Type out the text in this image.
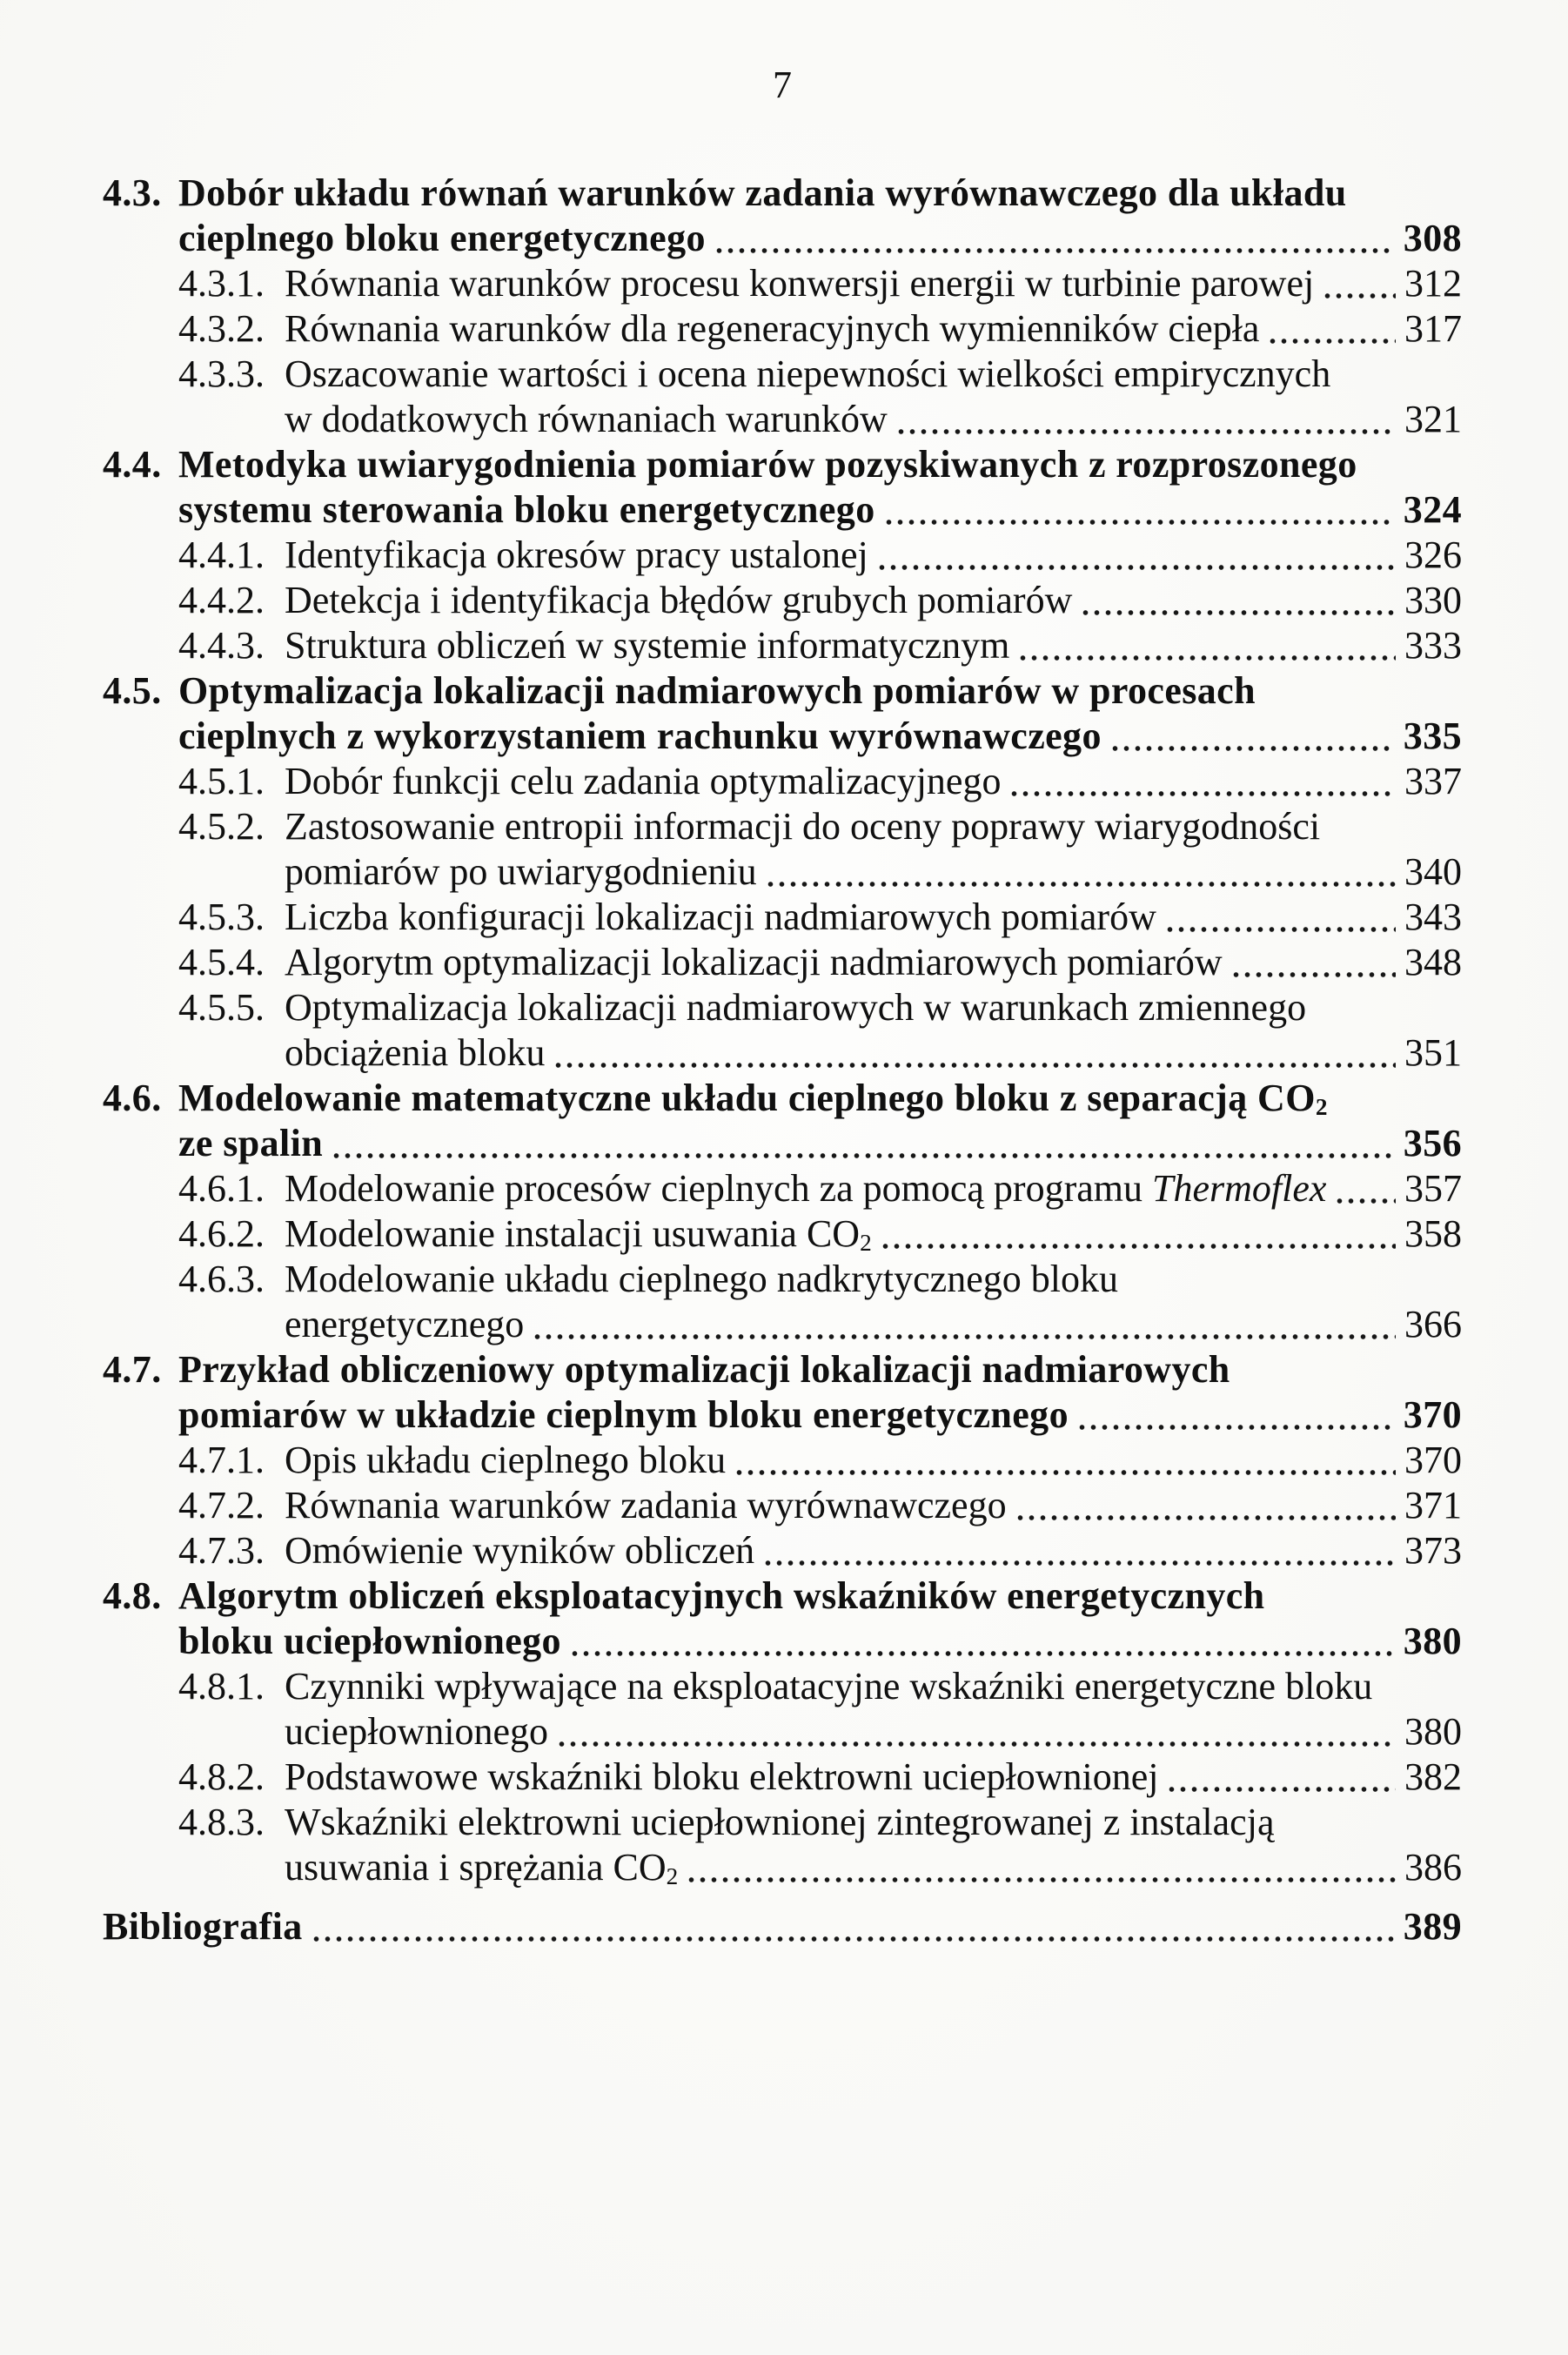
7
4.3. Dobór układu równań warunków zadania wyrównawczego dla układu
cieplnego bloku energetycznego	308
4.3.1. Równania warunków procesu konwersji energii w turbinie parowej 312
4.3.2. Równania warunków dla regeneracyjnych wymienników ciepła	317
4.3.3. Oszacowanie wartości i ocena niepewności wielkości empirycznych
w dodatkowych równaniach warunków	321
4.4. Metodyka uwiarygodnienia pomiarów pozyskiwanych z rozproszonego
systemu sterowania bloku energetycznego	324
4.4.1. Identyfikacja okresów pracy ustalonej	326
4.4.2. Detekcja i identyfikacja błędów grubych pomiarów	330
4.4.3. Struktura obliczeń w systemie informatycznym	333
4.5. Optymalizacja lokalizacji nadmiarowych pomiarów w procesach
cieplnych z wykorzystaniem rachunku wyrównawczego	335
4.5.1. Dobór funkcji celu zadania optymalizacyjnego	337
4.5.2. Zastosowanie entropii informacji do oceny poprawy wiarygodności
pomiarów po uwiarygodnieniu	340
4.5.3. Liczba konfiguracji lokalizacji nadmiarowych pomiarów	343
4.5.4. Algorytm optymalizacji lokalizacji nadmiarowych pomiarów	348
4.5.5. Optymalizacja lokalizacji nadmiarowych w warunkach zmiennego
obciążenia bloku	351
4.6. Modelowanie matematyczne układu cieplnego bloku z separacją $CO_2$
ze spalin	356
4.6.1. Modelowanie procesów cieplnych za pomocą programu Thermoflex 357
4.6.2. Modelowanie instalacji usuwania $CO_2$	358
4.6.3. Modelowanie układu cieplnego nadkrytycznego bloku
energetycznego	366
4.7. Przykład obliczeniowy optymalizacji lokalizacji nadmiarowych
pomiarów w układzie cieplnym bloku energetycznego	370
4.7.1. Opis układu cieplnego bloku	370
4.7.2. Równania warunków zadania wyrównawczego	371
4.7.3. Omówienie wyników obliczeń	373
4.8. Algorytm obliczeń eksploatacyjnych wskaźników energetycznych
bloku uciepłownionego	380
4.8.1. Czynniki wpływające na eksploatacyjne wskaźniki energetyczne bloku
uciepłownionego	380
4.8.2. Podstawowe wskaźniki bloku elektrowni uciepłownionej	382
4.8.3. Wskaźniki elektrowni uciepłownionej zintegrowanej z instalacją
usuwania i sprężania $CO_2$	386
Bibliografia	389
